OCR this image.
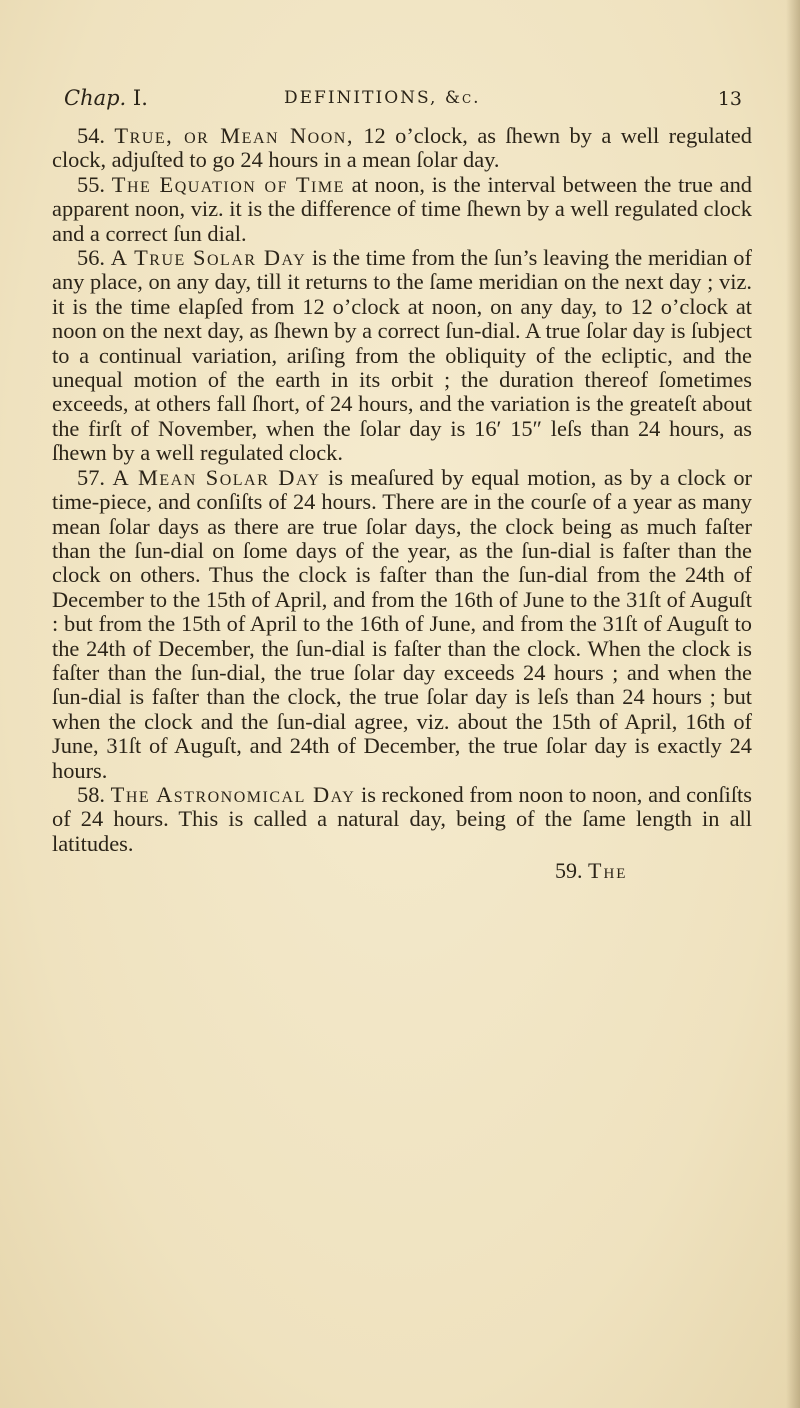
Chap. I.	DEFINITIONS, &c.	13

54. True, or Mean Noon, 12 o’clock, as ſhewn by a well regulated clock, adjuſted to go 24 hours in a mean ſolar day.

55. The Equation of Time at noon, is the interval between the true and apparent noon, viz. it is the difference of time ſhewn by a well regulated clock and a correct ſun dial.

56. A True Solar Day is the time from the ſun’s leaving the meridian of any place, on any day, till it returns to the ſame meridian on the next day ; viz. it is the time elapſed from 12 o’clock at noon, on any day, to 12 o’clock at noon on the next day, as ſhewn by a correct ſun-dial. A true ſolar day is ſubject to a continual variation, ariſing from the obliquity of the ecliptic, and the unequal motion of the earth in its orbit ; the duration thereof ſometimes exceeds, at others fall ſhort, of 24 hours, and the variation is the greateſt about the firſt of November, when the ſolar day is 16′ 15″ leſs than 24 hours, as ſhewn by a well regulated clock.

57. A Mean Solar Day is meaſured by equal motion, as by a clock or time-piece, and conſiſts of 24 hours. There are in the courſe of a year as many mean ſolar days as there are true ſolar days, the clock being as much faſter than the ſun-dial on ſome days of the year, as the ſun-dial is faſter than the clock on others. Thus the clock is faſter than the ſun-dial from the 24th of December to the 15th of April, and from the 16th of June to the 31ſt of Auguſt : but from the 15th of April to the 16th of June, and from the 31ſt of Auguſt to the 24th of December, the ſun-dial is faſter than the clock. When the clock is faſter than the ſun-dial, the true ſolar day exceeds 24 hours ; and when the ſun-dial is faſter than the clock, the true ſolar day is leſs than 24 hours ; but when the clock and the ſun-dial agree, viz. about the 15th of April, 16th of June, 31ſt of Auguſt, and 24th of December, the true ſolar day is exactly 24 hours.

58. The Astronomical Day is reckoned from noon to noon, and conſiſts of 24 hours. This is called a natural day, being of the ſame length in all latitudes.

59. The
